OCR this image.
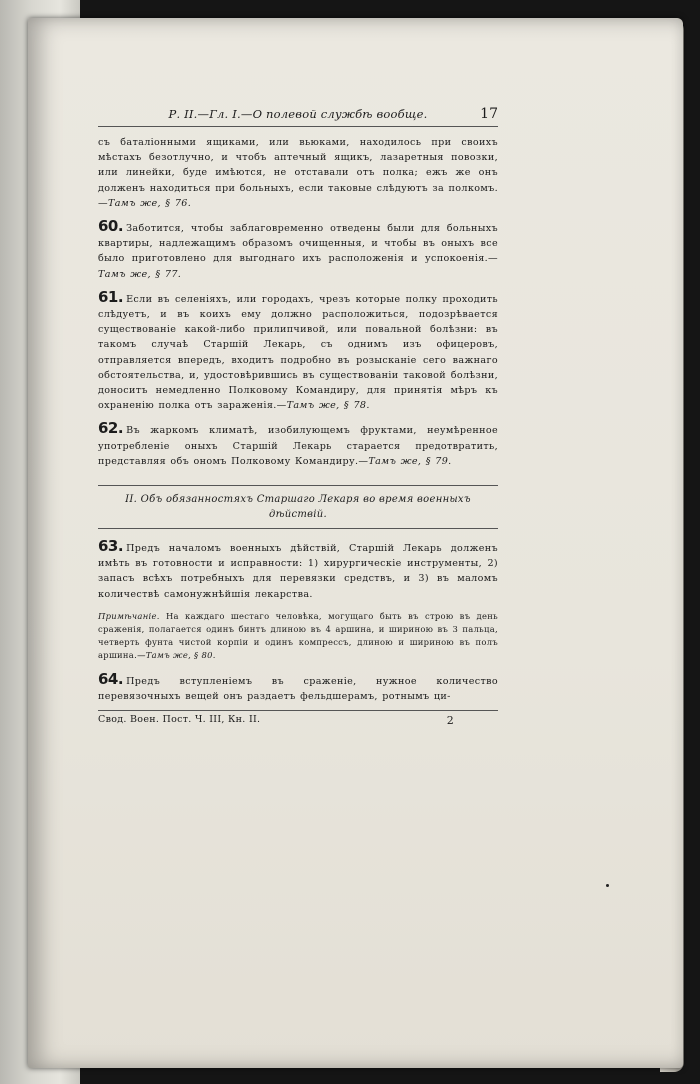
Р. II.—Гл. I.—О полевой службѣ вообще.	17

съ баталіонными ящиками, или вьюками, находилось при своихъ мѣстахъ безотлучно, и чтобъ аптечный ящикъ, лазаретныя повозки, или линейки, буде имѣются, не отставали отъ полка; ежъ же онъ долженъ находиться при больныхъ, если таковые слѣдуютъ за полкомъ.—Тамъ же, § 76.

60. Заботится, чтобы заблаговременно отведены были для больныхъ квартиры, надлежащимъ образомъ очищенныя, и чтобы въ оныхъ все было приготовлено для выгоднаго ихъ расположенія и успокоенія.—Тамъ же, § 77.

61. Если въ селеніяхъ, или городахъ, чрезъ которые полку проходить слѣдуетъ, и въ коихъ ему должно расположиться, подозрѣвается существованіе какой-либо прилипчивой, или повальной болѣзни: въ такомъ случаѣ Старшій Лекарь, съ однимъ изъ офицеровъ, отправляется впередъ, входитъ подробно въ розысканіе сего важнаго обстоятельства, и, удостовѣрившись въ существованіи таковой болѣзни, доноситъ немедленно Полковому Командиру, для принятія мѣръ къ охраненію полка отъ зараженія.—Тамъ же, § 78.

62. Въ жаркомъ климатѣ, изобилующемъ фруктами, неумѣренное употребленіе оныхъ Старшій Лекарь старается предотвратить, представляя объ ономъ Полковому Командиру.—Тамъ же, § 79.

II. Объ обязанностяхъ Старшаго Лекаря во время военныхъ дѣйствій.

63. Предъ началомъ военныхъ дѣйствій, Старшій Лекарь долженъ имѣть въ готовности и исправности: 1) хирургическіе инструменты, 2) запасъ всѣхъ потребныхъ для перевязки средствъ, и 3) въ маломъ количествѣ самонужнѣйшія лекарства.

Примѣчаніе. На каждаго шестаго человѣка, могущаго быть въ строю въ день сраженія, полагается одинъ бинтъ длиною въ 4 аршина, и шириною въ 3 пальца, четверть фунта чистой корпіи и одинъ компрессъ, длиною и шириною въ полъ аршина.—Тамъ же, § 80.

64. Предъ вступленіемъ въ сраженіе, нужное количество перевязочныхъ вещей онъ раздаетъ фельдшерамъ, ротнымъ ци-

Свод. Воен. Пост. Ч. III, Кн. II.	2
